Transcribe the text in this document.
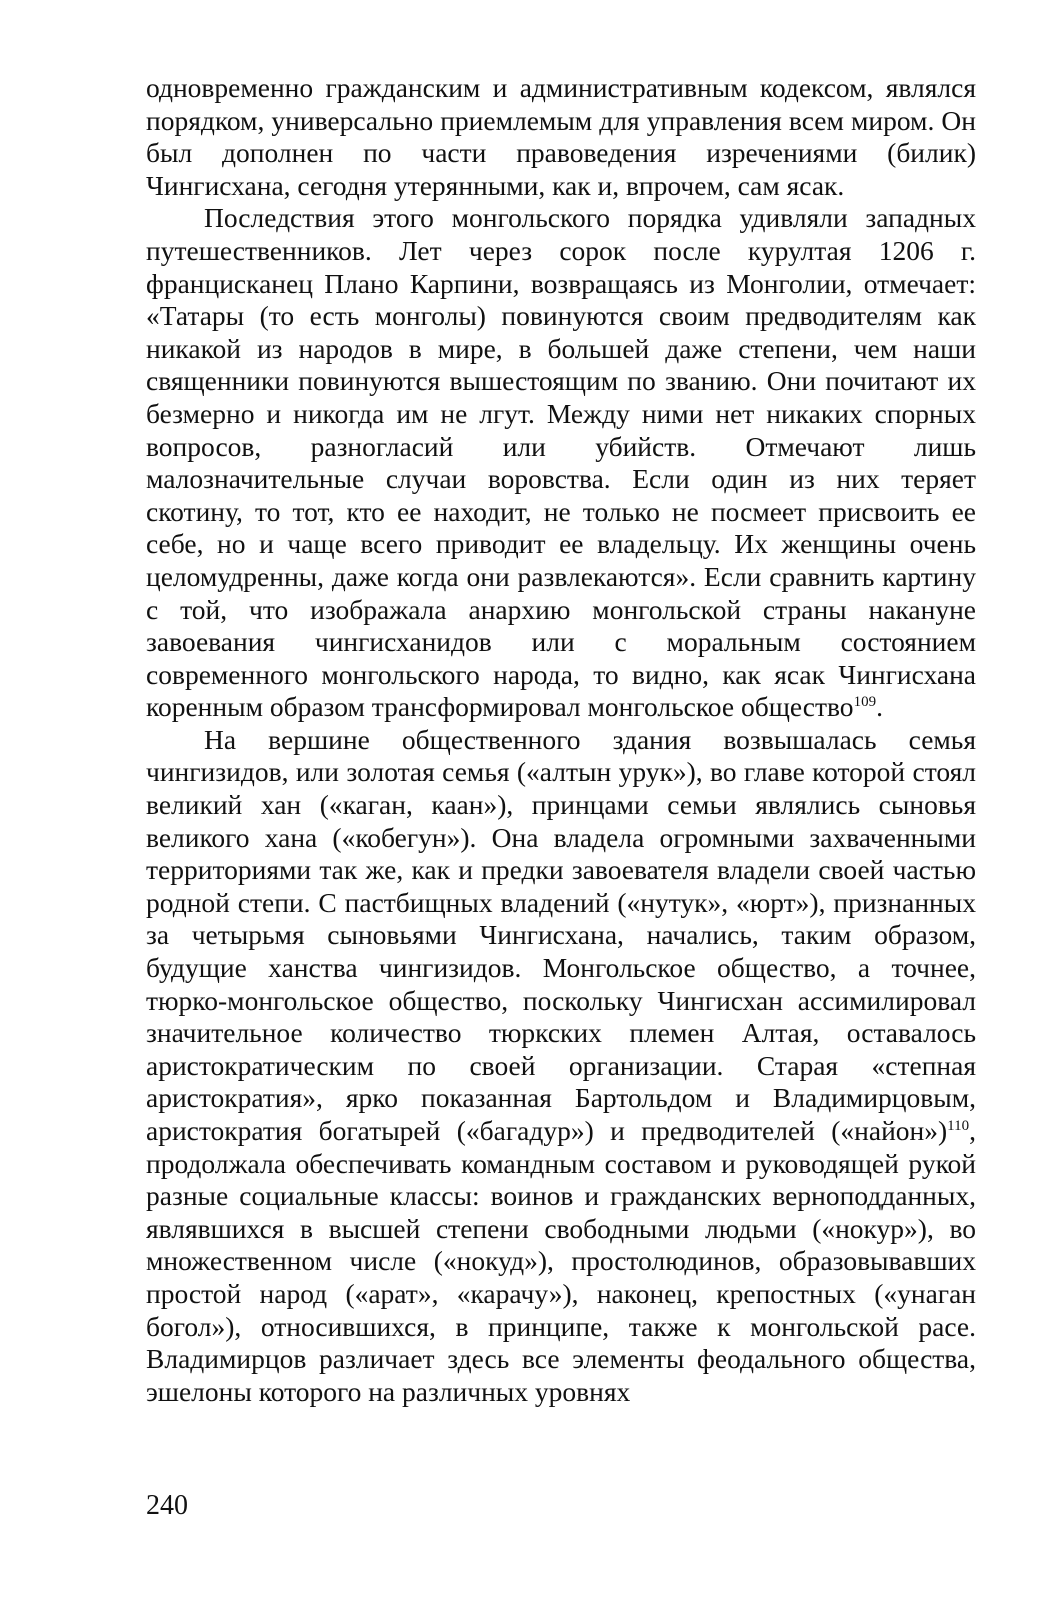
одновременно гражданским и административным кодексом, являлся порядком, универсально приемлемым для управления всем миром. Он был дополнен по части правоведения изречениями (билик) Чингисхана, сегодня утерянными, как и, впрочем, сам ясак.

Последствия этого монгольского порядка удивляли западных путешественников. Лет через сорок после курултая 1206 г. францисканец Плано Карпини, возвращаясь из Монголии, отмечает: «Татары (то есть монголы) повинуются своим предводителям как никакой из народов в мире, в большей даже степени, чем наши священники повинуются вышестоящим по званию. Они почитают их безмерно и никогда им не лгут. Между ними нет никаких спорных вопросов, разногласий или убийств. Отмечают лишь малозначительные случаи воровства. Если один из них теряет скотину, то тот, кто ее находит, не только не посмеет присвоить ее себе, но и чаще всего приводит ее владельцу. Их женщины очень целомудренны, даже когда они развлекаются». Если сравнить картину с той, что изображала анархию монгольской страны накануне завоевания чингисханидов или с моральным состоянием современного монгольского народа, то видно, как ясак Чингисхана коренным образом трансформировал монгольское общество$^{109}$.

На вершине общественного здания возвышалась семья чингизидов, или золотая семья («алтын урук»), во главе которой стоял великий хан («каган, каан»), принцами семьи являлись сыновья великого хана («кобегун»). Она владела огромными захваченными территориями так же, как и предки завоевателя владели своей частью родной степи. С пастбищных владений («нутук», «юрт»), признанных за четырьмя сыновьями Чингисхана, начались, таким образом, будущие ханства чингизидов. Монгольское общество, а точнее, тюрко-монгольское общество, поскольку Чингисхан ассимилировал значительное количество тюркских племен Алтая, оставалось аристократическим по своей организации. Старая «степная аристократия», ярко показанная Бартольдом и Владимирцовым, аристократия богатырей («багадур») и предводителей («найон»)$^{110}$, продолжала обеспечивать командным составом и руководящей рукой разные социальные классы: воинов и гражданских верноподданных, являвшихся в высшей степени свободными людьми («нокур»), во множественном числе («нокуд»), простолюдинов, образовывавших простой народ («арат», «карачу»), наконец, крепостных («унаган богол»), относившихся, в принципе, также к монгольской расе. Владимирцов различает здесь все элементы феодального общества, эшелоны которого на различных уровнях

240
